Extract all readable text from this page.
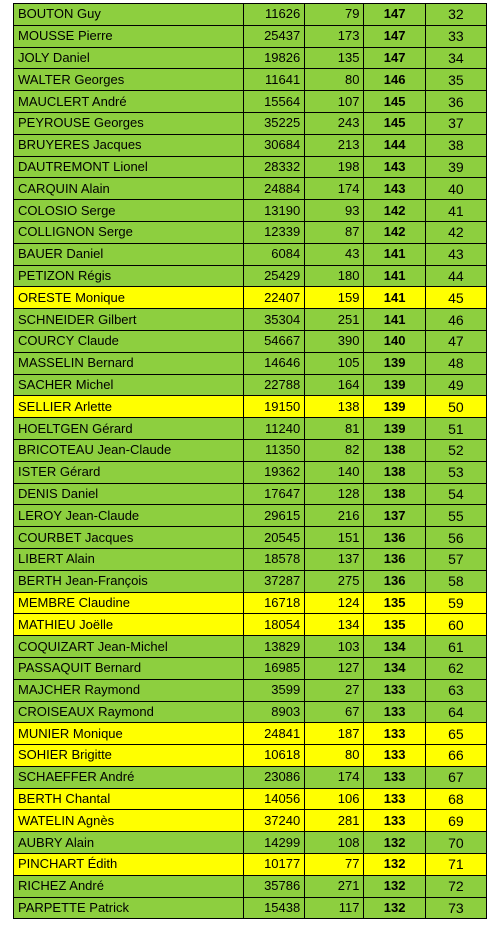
BOUTON Guy	11626	79	147	32
MOUSSE Pierre	25437	173	147	33
JOLY Daniel	19826	135	147	34
WALTER Georges	11641	80	146	35
MAUCLERT André	15564	107	145	36
PEYROUSE Georges	35225	243	145	37
BRUYERES Jacques	30684	213	144	38
DAUTREMONT Lionel	28332	198	143	39
CARQUIN Alain	24884	174	143	40
COLOSIO Serge	13190	93	142	41
COLLIGNON Serge	12339	87	142	42
BAUER Daniel	6084	43	141	43
PETIZON Régis	25429	180	141	44
ORESTE Monique	22407	159	141	45
SCHNEIDER Gilbert	35304	251	141	46
COURCY Claude	54667	390	140	47
MASSELIN Bernard	14646	105	139	48
SACHER Michel	22788	164	139	49
SELLIER Arlette	19150	138	139	50
HOELTGEN Gérard	11240	81	139	51
BRICOTEAU Jean-Claude	11350	82	138	52
ISTER Gérard	19362	140	138	53
DENIS Daniel	17647	128	138	54
LEROY Jean-Claude	29615	216	137	55
COURBET Jacques	20545	151	136	56
LIBERT Alain	18578	137	136	57
BERTH Jean-François	37287	275	136	58
MEMBRE Claudine	16718	124	135	59
MATHIEU Joëlle	18054	134	135	60
COQUIZART Jean-Michel	13829	103	134	61
PASSAQUIT Bernard	16985	127	134	62
MAJCHER Raymond	3599	27	133	63
CROISEAUX Raymond	8903	67	133	64
MUNIER Monique	24841	187	133	65
SOHIER Brigitte	10618	80	133	66
SCHAEFFER André	23086	174	133	67
BERTH Chantal	14056	106	133	68
WATELIN Agnès	37240	281	133	69
AUBRY Alain	14299	108	132	70
PINCHART Édith	10177	77	132	71
RICHEZ André	35786	271	132	72
PARPETTE Patrick	15438	117	132	73
